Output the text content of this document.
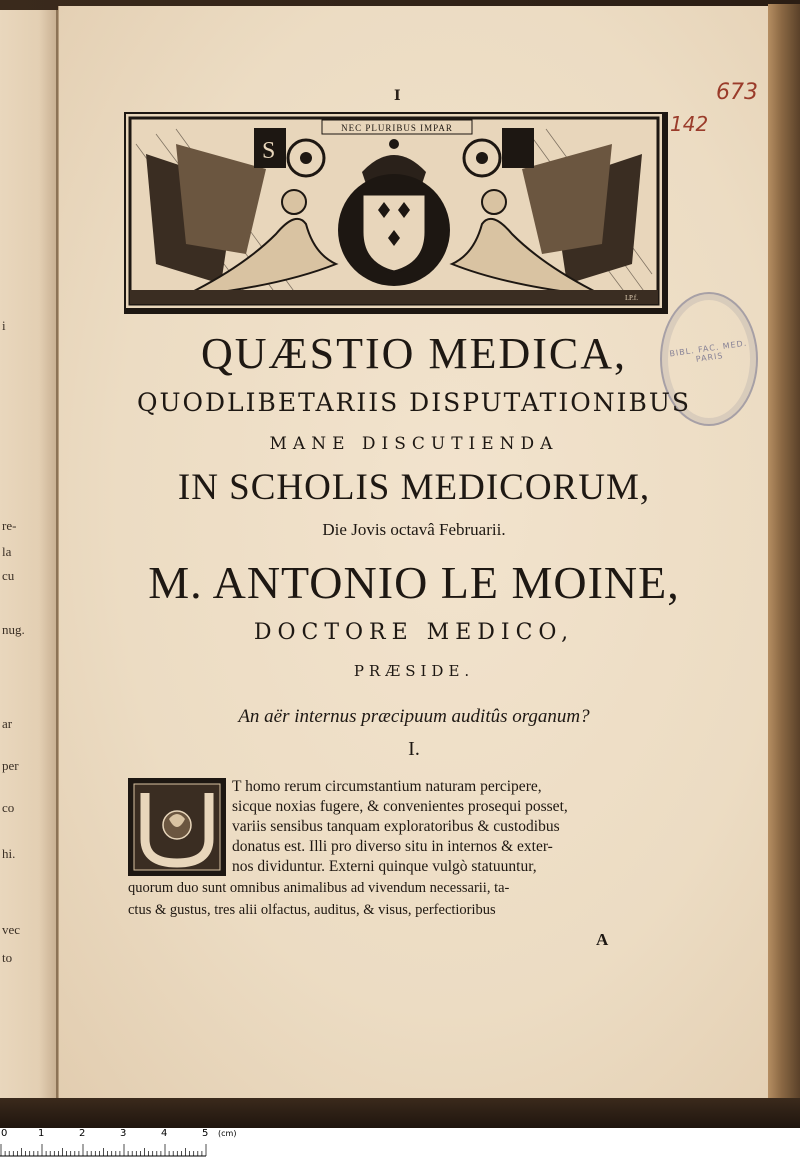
i
re-
la
cu
nug.
ar
per
co
hi.
vec
to
I	673
142
S
NEC PLURIBUS IMPAR
I.P.f.
BIBL. FAC. MED. PARIS
QUÆSTIO MEDICA,
QUODLIBETARIIS DISPUTATIONIBUS
MANE DISCUTIENDA
IN SCHOLIS MEDICORUM,
Die Jovis octavâ Februarii.
M. ANTONIO LE MOINE,
DOCTORE MEDICO,
PRÆSIDE.
An aër internus præcipuum auditûs organum?
I.
T homo rerum circumstantium naturam percipere,
sicque noxias fugere, & convenientes prosequi posset,
variis sensibus tanquam exploratoribus & custodibus
donatus est. Illi pro diverso situ in internos & exter-
nos dividuntur. Externi quinque vulgò statuuntur,
quorum duo sunt omnibus animalibus ad vivendum necessarii, ta-
ctus & gustus, tres alii olfactus, auditus, & visus, perfectioribus
A
0	1	2	3	4	5 (cm)
